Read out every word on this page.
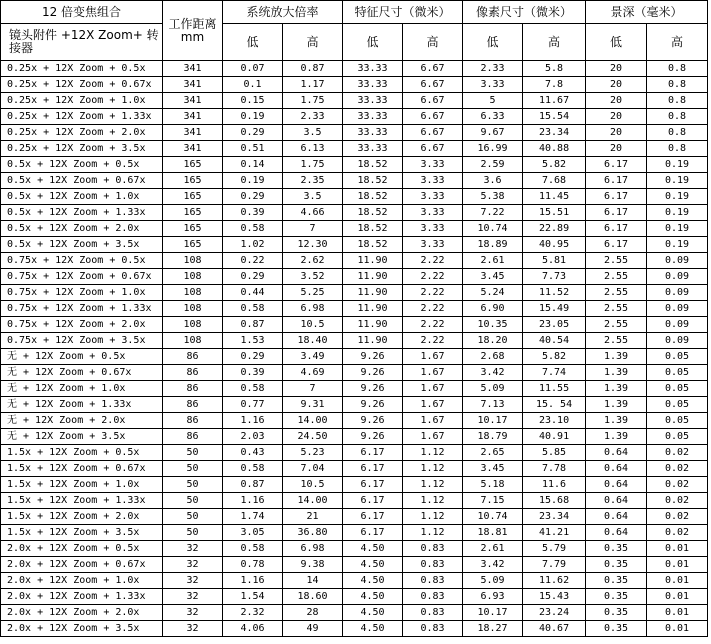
12 倍变焦组合	工作距离mm	系统放大倍率		特征尺寸（微米）		像素尺寸（微米）		景深（毫米）	
镜头附件 +12X Zoom+ 转接器		低	高	低	高	低	高	低	高
0.25x + 12X Zoom + 0.5x	341	0.07	0.87	33.33	6.67	2.33	5.8	20	0.8
0.25x + 12X Zoom + 0.67x	341	0.1	1.17	33.33	6.67	3.33	7.8	20	0.8
0.25x + 12X Zoom + 1.0x	341	0.15	1.75	33.33	6.67	5	11.67	20	0.8
0.25x + 12X Zoom + 1.33x	341	0.19	2.33	33.33	6.67	6.33	15.54	20	0.8
0.25x + 12X Zoom + 2.0x	341	0.29	3.5	33.33	6.67	9.67	23.34	20	0.8
0.25x + 12X Zoom + 3.5x	341	0.51	6.13	33.33	6.67	16.99	40.88	20	0.8
0.5x + 12X Zoom + 0.5x	165	0.14	1.75	18.52	3.33	2.59	5.82	6.17	0.19
0.5x + 12X Zoom + 0.67x	165	0.19	2.35	18.52	3.33	3.6	7.68	6.17	0.19
0.5x + 12X Zoom + 1.0x	165	0.29	3.5	18.52	3.33	5.38	11.45	6.17	0.19
0.5x + 12X Zoom + 1.33x	165	0.39	4.66	18.52	3.33	7.22	15.51	6.17	0.19
0.5x + 12X Zoom + 2.0x	165	0.58	7	18.52	3.33	10.74	22.89	6.17	0.19
0.5x + 12X Zoom + 3.5x	165	1.02	12.30	18.52	3.33	18.89	40.95	6.17	0.19
0.75x + 12X Zoom + 0.5x	108	0.22	2.62	11.90	2.22	2.61	5.81	2.55	0.09
0.75x + 12X Zoom + 0.67x	108	0.29	3.52	11.90	2.22	3.45	7.73	2.55	0.09
0.75x + 12X Zoom + 1.0x	108	0.44	5.25	11.90	2.22	5.24	11.52	2.55	0.09
0.75x + 12X Zoom + 1.33x	108	0.58	6.98	11.90	2.22	6.90	15.49	2.55	0.09
0.75x + 12X Zoom + 2.0x	108	0.87	10.5	11.90	2.22	10.35	23.05	2.55	0.09
0.75x + 12X Zoom + 3.5x	108	1.53	18.40	11.90	2.22	18.20	40.54	2.55	0.09
无 + 12X Zoom + 0.5x	86	0.29	3.49	9.26	1.67	2.68	5.82	1.39	0.05
无 + 12X Zoom + 0.67x	86	0.39	4.69	9.26	1.67	3.42	7.74	1.39	0.05
无 + 12X Zoom + 1.0x	86	0.58	7	9.26	1.67	5.09	11.55	1.39	0.05
无 + 12X Zoom + 1.33x	86	0.77	9.31	9.26	1.67	7.13	15. 54	1.39	0.05
无 + 12X Zoom + 2.0x	86	1.16	14.00	9.26	1.67	10.17	23.10	1.39	0.05
无 + 12X Zoom + 3.5x	86	2.03	24.50	9.26	1.67	18.79	40.91	1.39	0.05
1.5x + 12X Zoom + 0.5x	50	0.43	5.23	6.17	1.12	2.65	5.85	0.64	0.02
1.5x + 12X Zoom + 0.67x	50	0.58	7.04	6.17	1.12	3.45	7.78	0.64	0.02
1.5x + 12X Zoom + 1.0x	50	0.87	10.5	6.17	1.12	5.18	11.6	0.64	0.02
1.5x + 12X Zoom + 1.33x	50	1.16	14.00	6.17	1.12	7.15	15.68	0.64	0.02
1.5x + 12X Zoom + 2.0x	50	1.74	21	6.17	1.12	10.74	23.34	0.64	0.02
1.5x + 12X Zoom + 3.5x	50	3.05	36.80	6.17	1.12	18.81	41.21	0.64	0.02
2.0x + 12X Zoom + 0.5x	32	0.58	6.98	4.50	0.83	2.61	5.79	0.35	0.01
2.0x + 12X Zoom + 0.67x	32	0.78	9.38	4.50	0.83	3.42	7.79	0.35	0.01
2.0x + 12X Zoom + 1.0x	32	1.16	14	4.50	0.83	5.09	11.62	0.35	0.01
2.0x + 12X Zoom + 1.33x	32	1.54	18.60	4.50	0.83	6.93	15.43	0.35	0.01
2.0x + 12X Zoom + 2.0x	32	2.32	28	4.50	0.83	10.17	23.24	0.35	0.01
2.0x + 12X Zoom + 3.5x	32	4.06	49	4.50	0.83	18.27	40.67	0.35	0.01
